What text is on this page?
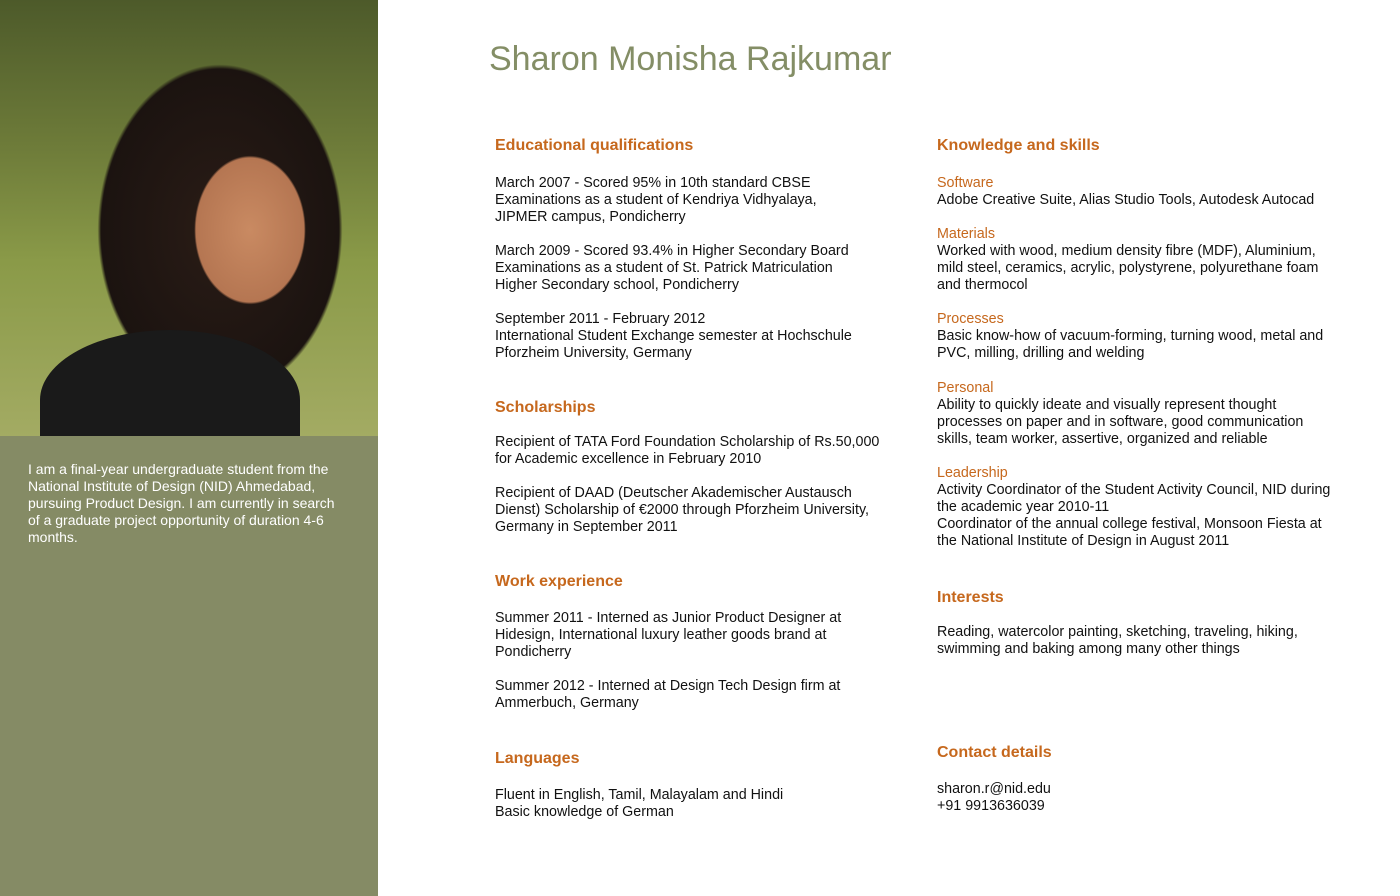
I am a final-year undergraduate student from the
National Institute of Design (NID) Ahmedabad,
pursuing Product Design. I am currently in search
of a graduate project opportunity of duration 4-6
months.
Sharon Monisha Rajkumar
Educational qualifications
March 2007 - Scored 95% in 10th standard CBSE
Examinations as a student of Kendriya Vidhyalaya,
JIPMER campus, Pondicherry
March 2009 - Scored 93.4% in Higher Secondary Board
Examinations as a student of St. Patrick Matriculation
Higher Secondary school, Pondicherry
September 2011 - February 2012
International Student Exchange semester at Hochschule
Pforzheim University, Germany
Scholarships
Recipient of TATA Ford Foundation Scholarship of Rs.50,000
for Academic excellence in February 2010
Recipient of DAAD (Deutscher Akademischer Austausch
Dienst) Scholarship of €2000 through Pforzheim University,
Germany in September 2011
Work experience
Summer 2011 - Interned as Junior Product Designer at
Hidesign, International luxury leather goods brand at
Pondicherry
Summer 2012 - Interned at Design Tech Design firm at
Ammerbuch, Germany
Languages
Fluent in English, Tamil, Malayalam and Hindi
Basic knowledge of German
Knowledge and skills
Software
Adobe Creative Suite, Alias Studio Tools, Autodesk Autocad
Materials
Worked with wood, medium density fibre (MDF), Aluminium,
mild steel, ceramics, acrylic, polystyrene, polyurethane foam
and thermocol
Processes
Basic know-how of vacuum-forming, turning wood, metal and
PVC, milling, drilling and welding
Personal
Ability to quickly ideate and visually represent thought
processes on paper and in software, good communication
skills, team worker, assertive, organized and reliable
Leadership
Activity Coordinator of the Student Activity Council, NID during
the academic year 2010-11
Coordinator of the annual college festival, Monsoon Fiesta at
the National Institute of Design in August 2011
Interests
Reading, watercolor painting, sketching, traveling, hiking,
swimming and baking among many other things
Contact details
sharon.r@nid.edu
+91 9913636039
